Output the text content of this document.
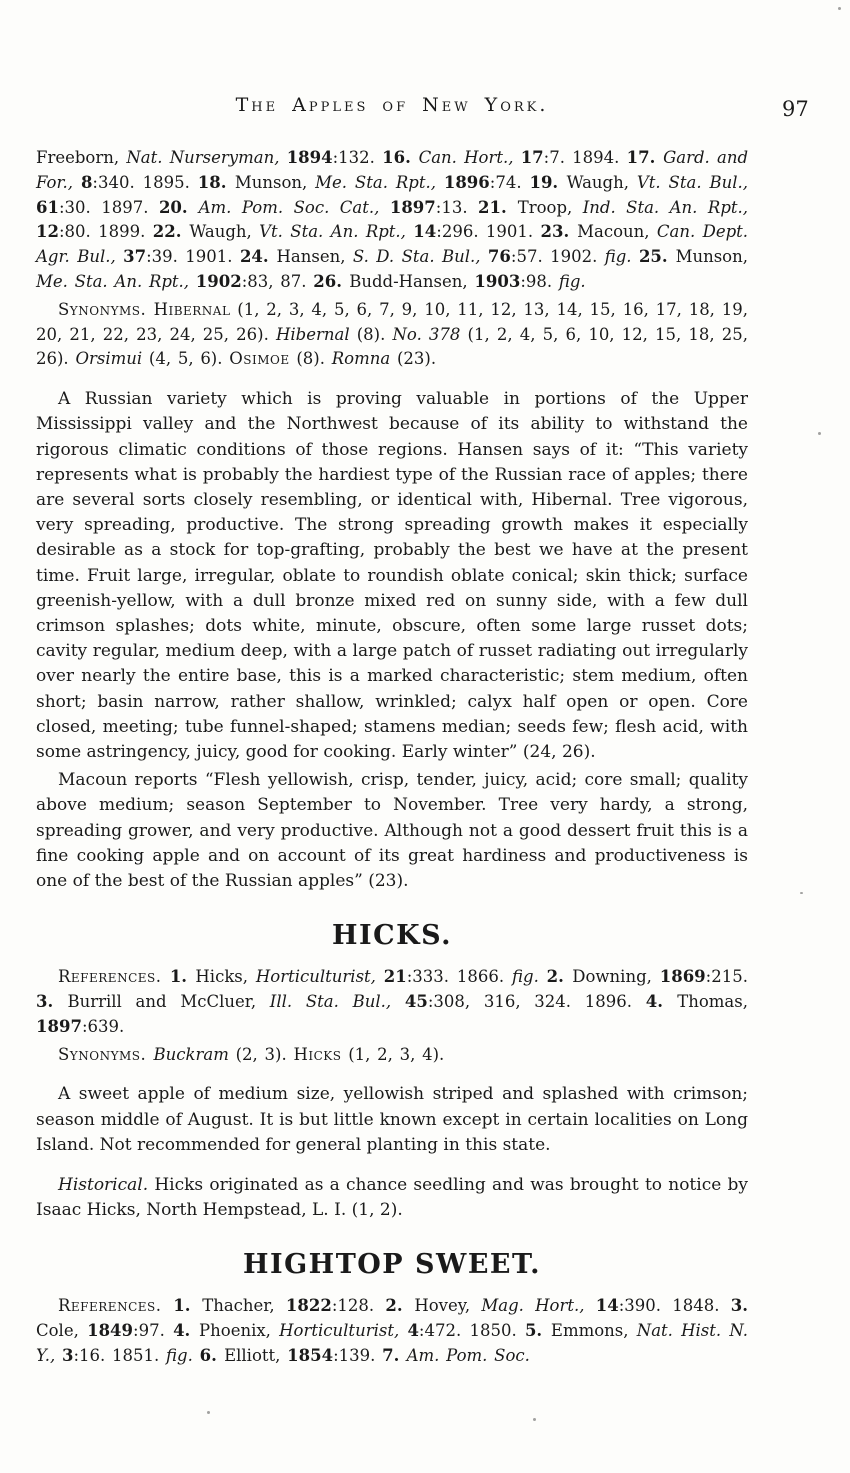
The Apples of New York.	97

Freeborn, Nat. Nurseryman, 1894:132. 16. Can. Hort., 17:7. 1894. 17. Gard. and For., 8:340. 1895. 18. Munson, Me. Sta. Rpt., 1896:74. 19. Waugh, Vt. Sta. Bul., 61:30. 1897. 20. Am. Pom. Soc. Cat., 1897:13. 21. Troop, Ind. Sta. An. Rpt., 12:80. 1899. 22. Waugh, Vt. Sta. An. Rpt., 14:296. 1901. 23. Macoun, Can. Dept. Agr. Bul., 37:39. 1901. 24. Hansen, S. D. Sta. Bul., 76:57. 1902. fig. 25. Munson, Me. Sta. An. Rpt., 1902:83, 87. 26. Budd-Hansen, 1903:98. fig.

Synonyms. Hibernal (1, 2, 3, 4, 5, 6, 7, 9, 10, 11, 12, 13, 14, 15, 16, 17, 18, 19, 20, 21, 22, 23, 24, 25, 26). Hibernal (8). No. 378 (1, 2, 4, 5, 6, 10, 12, 15, 18, 25, 26). Orsimui (4, 5, 6). Osimoe (8). Romna (23).

A Russian variety which is proving valuable in portions of the Upper Mississippi valley and the Northwest because of its ability to withstand the rigorous climatic conditions of those regions. Hansen says of it: “This variety represents what is probably the hardiest type of the Russian race of apples; there are several sorts closely resembling, or identical with, Hibernal. Tree vigorous, very spreading, productive. The strong spreading growth makes it especially desirable as a stock for top-grafting, probably the best we have at the present time. Fruit large, irregular, oblate to roundish oblate conical; skin thick; surface greenish-yellow, with a dull bronze mixed red on sunny side, with a few dull crimson splashes; dots white, minute, obscure, often some large russet dots; cavity regular, medium deep, with a large patch of russet radiating out irregularly over nearly the entire base, this is a marked characteristic; stem medium, often short; basin narrow, rather shallow, wrinkled; calyx half open or open. Core closed, meeting; tube funnel-shaped; stamens median; seeds few; flesh acid, with some astringency, juicy, good for cooking. Early winter” (24, 26).

Macoun reports “Flesh yellowish, crisp, tender, juicy, acid; core small; quality above medium; season September to November. Tree very hardy, a strong, spreading grower, and very productive. Although not a good dessert fruit this is a fine cooking apple and on account of its great hardiness and productiveness is one of the best of the Russian apples” (23).

HICKS.

References. 1. Hicks, Horticulturist, 21:333. 1866. fig. 2. Downing, 1869:215. 3. Burrill and McCluer, Ill. Sta. Bul., 45:308, 316, 324. 1896. 4. Thomas, 1897:639.

Synonyms. Buckram (2, 3). Hicks (1, 2, 3, 4).

A sweet apple of medium size, yellowish striped and splashed with crimson; season middle of August. It is but little known except in certain localities on Long Island. Not recommended for general planting in this state.

Historical. Hicks originated as a chance seedling and was brought to notice by Isaac Hicks, North Hempstead, L. I. (1, 2).

HIGHTOP SWEET.

References. 1. Thacher, 1822:128. 2. Hovey, Mag. Hort., 14:390. 1848. 3. Cole, 1849:97. 4. Phoenix, Horticulturist, 4:472. 1850. 5. Emmons, Nat. Hist. N. Y., 3:16. 1851. fig. 6. Elliott, 1854:139. 7. Am. Pom. Soc.
